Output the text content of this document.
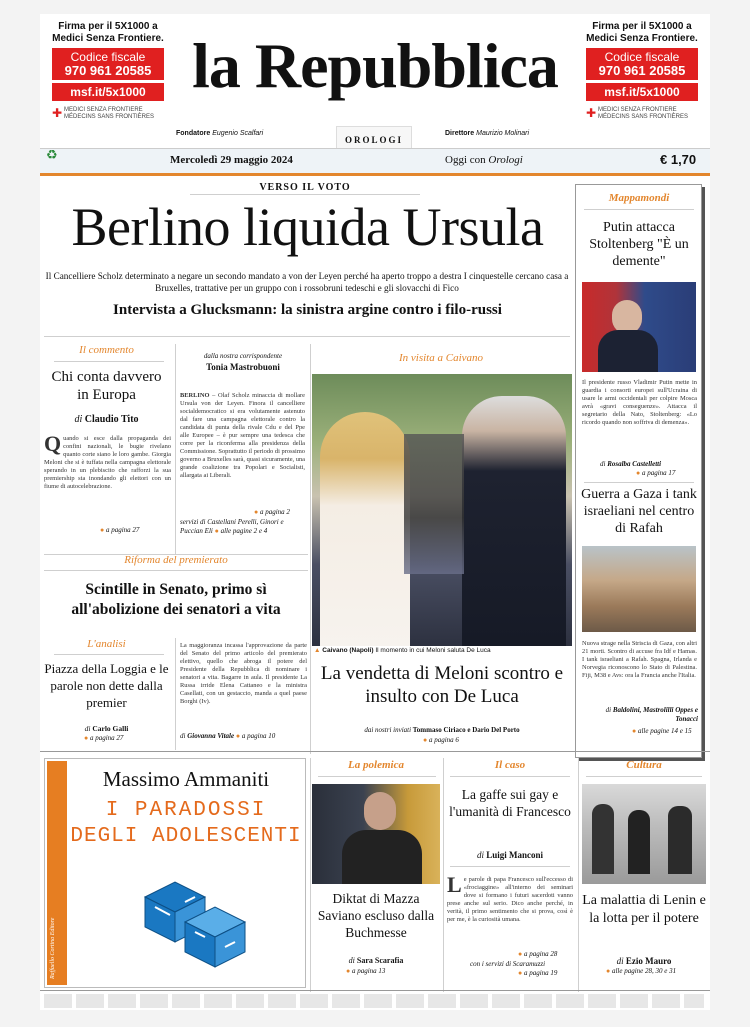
Firma per il 5X1000 a
Medici Senza Frontiere.
Codice fiscale
970 961 20585
msf.it/5x1000
✚ MEDICI SENZA FRONTIERE
MÉDECINS SANS FRONTIÈRES
Firma per il 5X1000 a
Medici Senza Frontiere.
Codice fiscale
970 961 20585
msf.it/5x1000
✚ MEDICI SENZA FRONTIERE
MÉDECINS SANS FRONTIÈRES
la Repubblica
Fondatore Eugenio Scalfari	Direttore Maurizio Molinari
OROLOGI
♻	Mercoledì 29 maggio 2024	Oggi con Orologi	€ 1,70
VERSO IL VOTO
Berlino liquida Ursula
Il Cancelliere Scholz determinato a negare un secondo mandato a von der Leyen perché ha aperto troppo a destra I cinquestelle cercano casa a Bruxelles, trattative per un gruppo con i rossobruni tedeschi e gli slovacchi di Fico
Intervista a Glucksmann: la sinistra argine contro i filo-russi
Il commento
Chi conta davvero in Europa
di Claudio Tito
Quando si esce dalla propaganda dei confini nazionali, le bugie rivelano quanto corte siano le loro gambe. Giorgia Meloni che si è tuffata nella campagna elettorale sperando in un plebiscito che rafforzi la sua premiership sta inondando gli elettori con un fiume di autocelebrazione.
● a pagina 27
dalla nostra corrispondente
Tonia Mastrobuoni
BERLINO – Olaf Scholz minaccia di mollare Ursula von der Leyen. Finora il cancelliere socialdemocratico si era volutamente astenuto dal fare una campagna elettorale contro la candidata di punta della rivale Cdu e del Ppe alle Europee – è pur sempre una tedesca che corre per la riconferma alla presidenza della Commissione. Soprattutto il periodo di prossimo governo a Bruxelles sarà, quasi sicuramente, una grande coalizione tra Popolari e Socialisti, allargata ai Liberali.
● a pagina 2
servizi di Castellani Perelli, Ginori e Puccian Eli ● alle pagine 2 e 4
In visita a Caivano
▲ Caivano (Napoli) Il momento in cui Meloni saluta De Luca
La vendetta di Meloni scontro e insulto con De Luca
dai nostri inviati Tommaso Ciriaco e Dario Del Porto
● a pagina 6
Riforma del premierato
Scintille in Senato, primo sì all'abolizione dei senatori a vita
L'analisi
Piazza della Loggia e le parole non dette dalla premier
di Carlo Galli
● a pagina 27
La maggioranza incassa l'approvazione da parte del Senato del primo articolo del premierato elettivo, quello che abroga il potere del Presidente della Repubblica di nominare i senatori a vita. Bagarre in aula. Il presidente La Russa irride Elena Cattaneo e la ministra Casellati, con un gestaccio, manda a quel paese Borghi (Iv).
di Giovanna Vitale ● a pagina 10
Mappamondi
Putin attacca Stoltenberg "È un demente"
Il presidente russo Vladimir Putin mette in guardia i consorti europei sull'Ucraina di usare le armi occidentali per colpire Mosca avrà «gravi conseguenze». Attacca il segretario della Nato, Stoltenberg: «Lo ricordo quando non soffriva di demenza».
di Rosalba Castelletti
● a pagina 17
Guerra a Gaza i tank israeliani nel centro di Rafah
Nuova strage nella Striscia di Gaza, con altri 21 morti. Scontro di accuse fra Idf e Hamas. I tank israeliani a Rafah. Spagna, Irlanda e Norvegia riconoscono lo Stato di Palestina. Fiji, M38 e Avs: ora la Francia anche l'Italia.
di Baldolini, Mastrolilli Oppes e Tonacci
● alle pagine 14 e 15
Raffaello Cortina Editore
Massimo Ammaniti
I PARADOSSI
DEGLI ADOLESCENTI
La polemica
Diktat di Mazza Saviano escluso dalla Buchmesse
di Sara Scarafia
● a pagina 13
Il caso
La gaffe sui gay e l'umanità di Francesco
di Luigi Manconi
Le parole di papa Francesco sull'eccesso di «frociaggine» all'interno dei seminari dove si formano i futuri sacerdoti vanno prese anche sul serio. Dico anche perché, in verità, il primo sentimento che si prova, così è per me, è la curiosità umana.
● a pagina 28
con i servizi di Scaramuzzi
● a pagina 19
Cultura
La malattia di Lenin e la lotta per il potere
di Ezio Mauro
● alle pagine 28, 30 e 31
